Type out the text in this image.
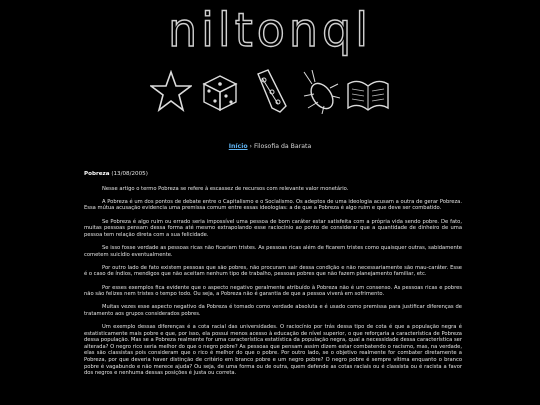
niltonql
Início › Filosofia da Barata
Pobreza (13/08/2005)

Nesse artigo o termo Pobreza se refere à escassez de recursos com relevante valor monetário.

A Pobreza é um dos pontos de debate entre o Capitalismo e o Socialismo. Os adeptos de uma ideologia acusam a outra de gerar Pobreza. Essa mútua acusação evidencia uma premissa comum entre essas ideologias: a de que a Pobreza é algo ruim e que deve ser combatido.

Se Pobreza é algo ruim ou errado seria impossível uma pessoa de bom caráter estar satisfeita com a própria vida sendo pobre. De fato, muitas pessoas pensam dessa forma até mesmo extrapolando esse raciocínio ao ponto de considerar que a quantidade de dinheiro de uma pessoa tem relação direta com a sua felicidade.

Se isso fosse verdade as pessoas ricas não ficariam tristes. As pessoas ricas além de ficarem tristes como quaisquer outras, sabidamente cometem suicídio eventualmente.

Por outro lado de fato existem pessoas que são pobres, não procuram sair dessa condição e não necessariamente são mau-caráter. Esse é o caso de índios, mendigos que não aceitam nenhum tipo de trabalho, pessoas pobres que não fazem planejamento familiar, etc.

Por esses exemplos fica evidente que o aspecto negativo geralmente atribuído à Pobreza não é um consenso. As pessoas ricas e pobres não são felizes nem tristes o tempo todo. Ou seja, a Pobreza não é garantia de que a pessoa viverá em sofrimento.

Muitas vezes esse aspecto negativo da Pobreza é tomado como verdade absoluta e é usado como premissa para justificar diferenças de tratamento aos grupos considerados pobres.

Um exemplo dessas diferenças é a cota racial das universidades. O raciocínio por trás dessa tipo de cota é que a população negra é estatisticamente mais pobre e que, por isso, ela possui menos acesso à educação de nível superior, o que reforçaria a característica de Pobreza dessa população. Mas se a Pobreza realmente for uma característica estatística da população negra, qual a necessidade dessa característica ser alterada? O negro rico seria melhor do que o negro pobre? As pessoas que pensam assim dizem estar combatendo o racismo, mas, na verdade, elas são classistas pois consideram que o rico é melhor do que o pobre. Por outro lado, se o objetivo realmente for combater diretamente a Pobreza, por que deveria haver distinção de critério em branco pobre e um negro pobre? O negro pobre é sempre vítima enquanto o branco pobre é vagabundo e não merece ajuda? Ou seja, de uma forma ou de outra, quem defende as cotas raciais ou é classista ou é racista a favor dos negros e nenhuma dessas posições é justa ou correta.
